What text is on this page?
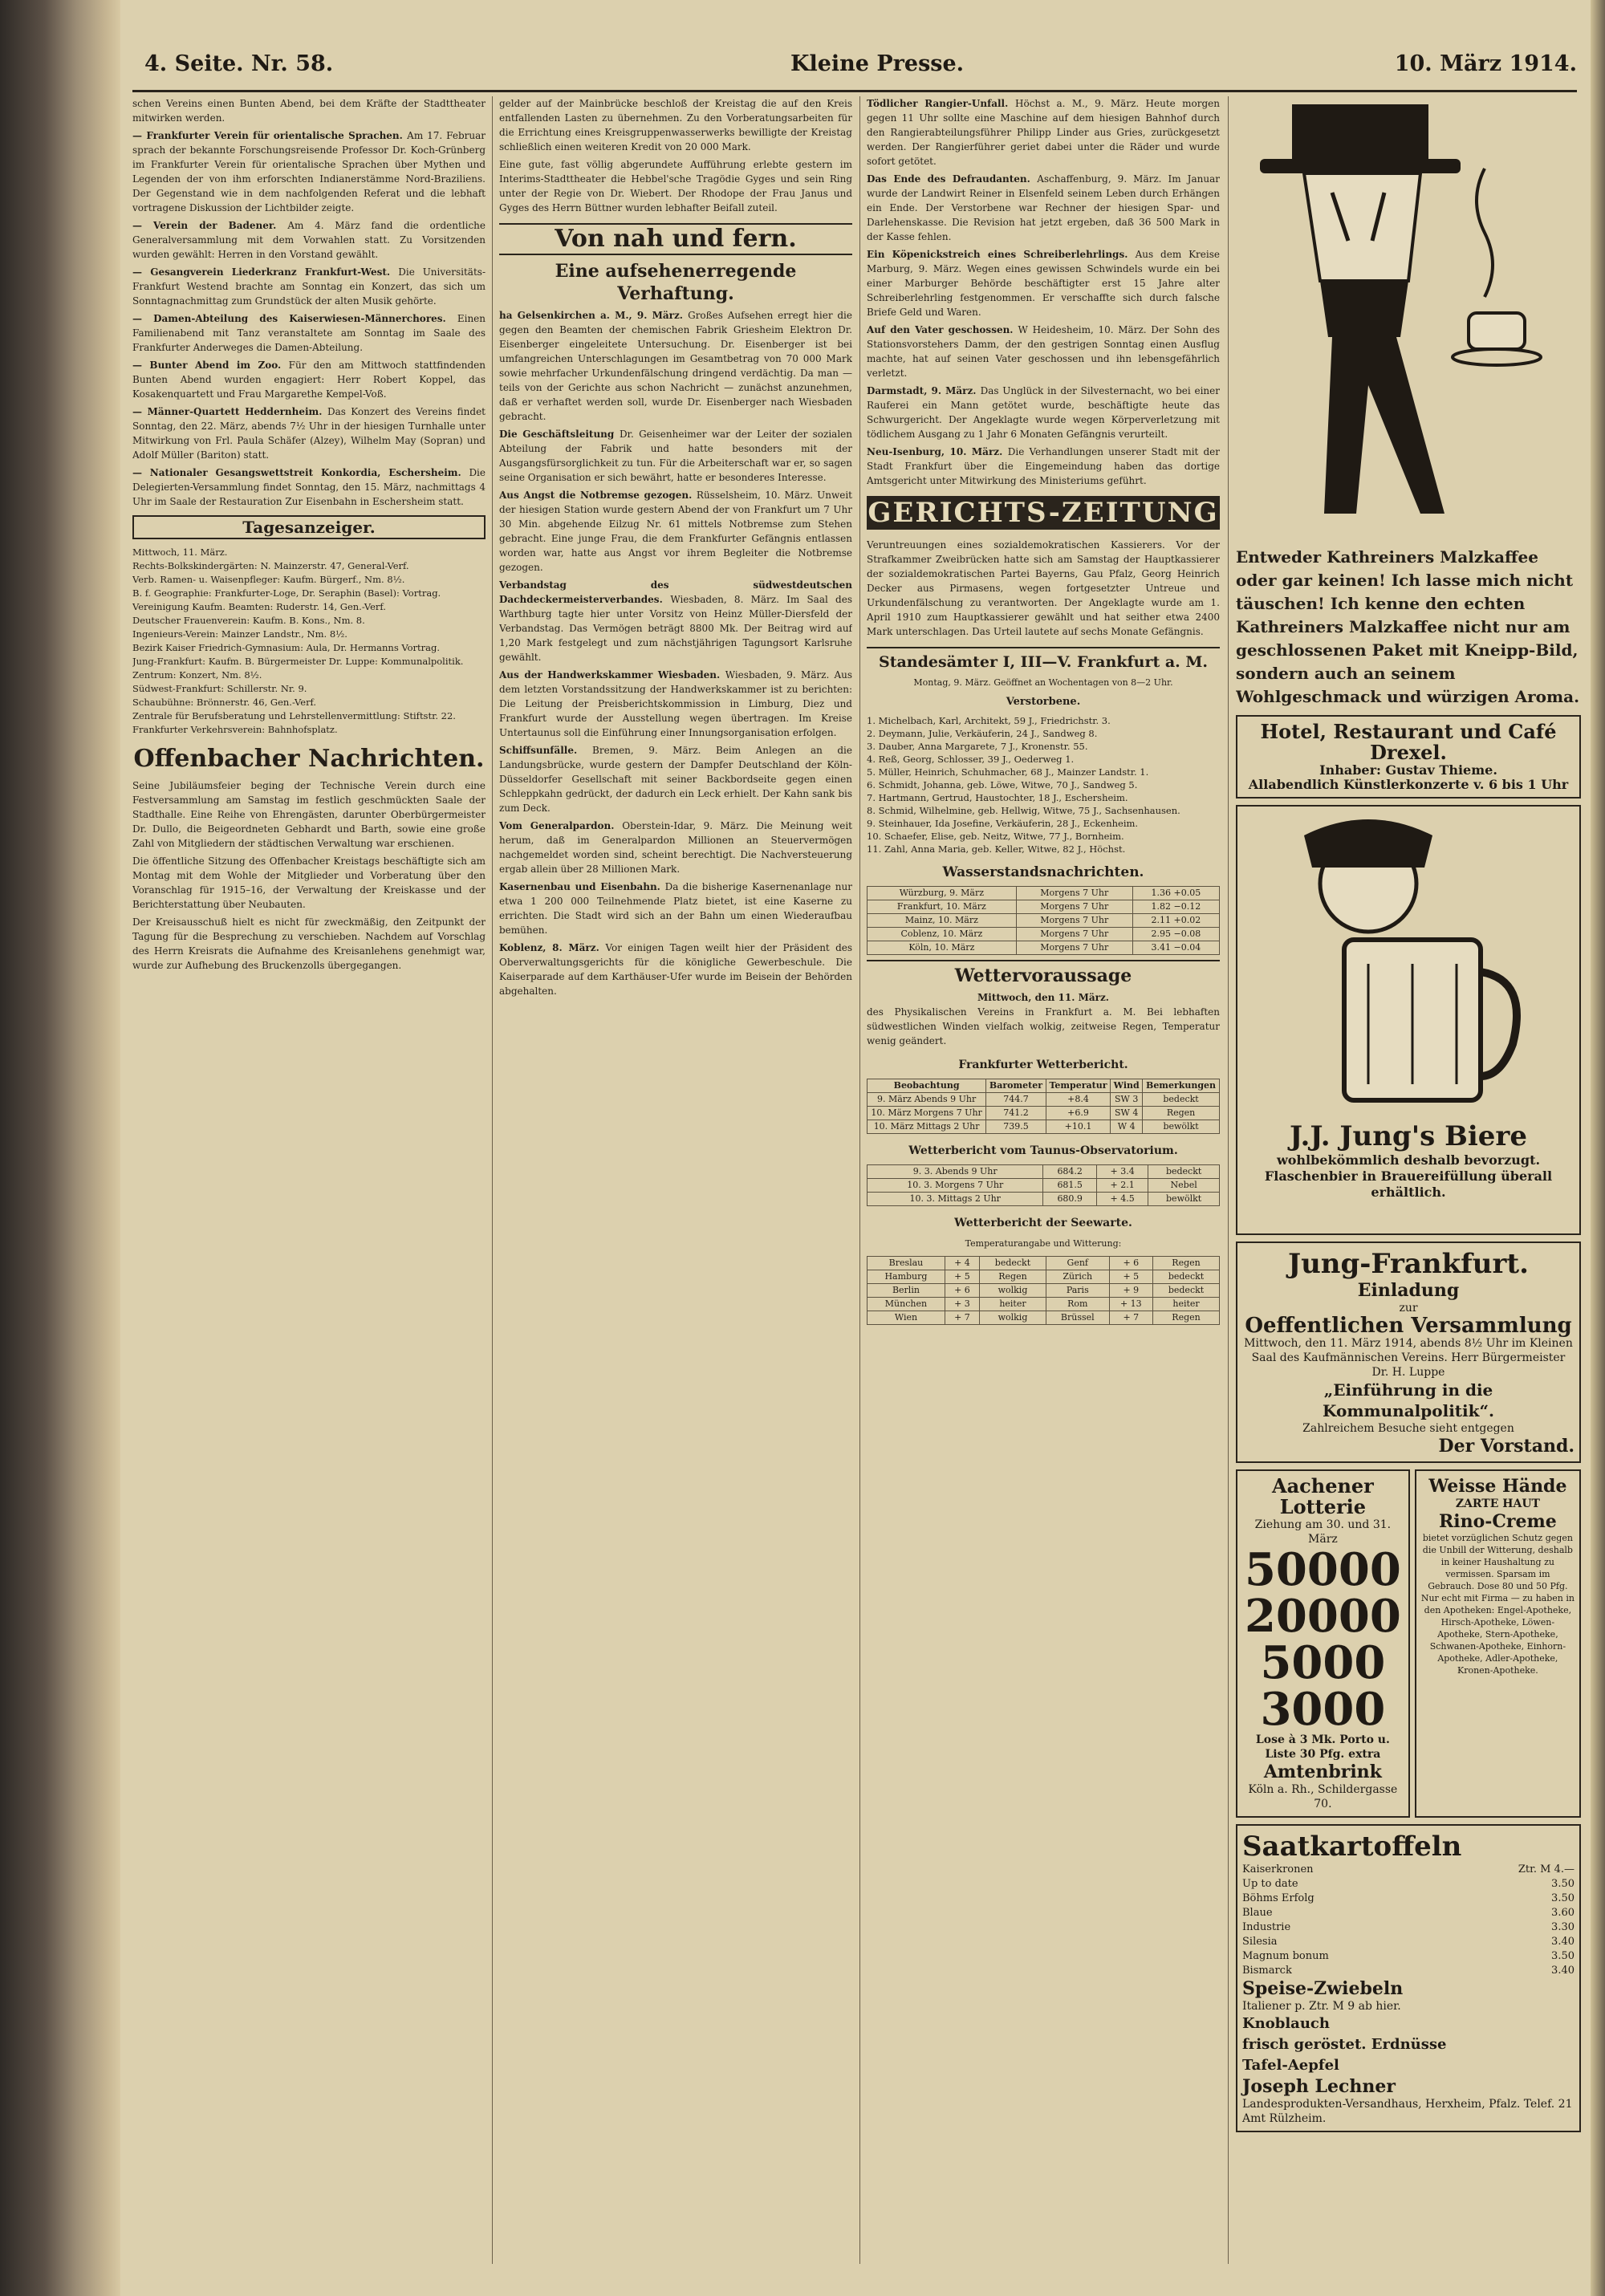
4. Seite. Nr. 58.	Kleine Presse.	10. März 1914.

schen Vereins einen Bunten Abend, bei dem Kräfte der Stadttheater mitwirken werden.

— Frankfurter Verein für orientalische Sprachen. Am 17. Februar sprach der bekannte Forschungsreisende Professor Dr. Koch-Grünberg im Frankfurter Verein für orientalische Sprachen über Mythen und Legenden der von ihm erforschten Indianerstämme Nord-Braziliens. Der Gegenstand wie in dem nachfolgenden Referat und die lebhaft vortragene Diskussion der Lichtbilder zeigte.

— Verein der Badener. Am 4. März fand die ordentliche Generalversammlung mit dem Vorwahlen statt. Zu Vorsitzenden wurden gewählt: Herren in den Vorstand gewählt.

— Gesangverein Liederkranz Frankfurt-West. Die Universitäts-Frankfurt Westend brachte am Sonntag ein Konzert, das sich um Sonntagnachmittag zum Grundstück der alten Musik gehörte.

— Damen-Abteilung des Kaiserwiesen-Männerchores. Einen Familienabend mit Tanz veranstaltete am Sonntag im Saale des Frankfurter Anderweges die Damen-Abteilung.

— Bunter Abend im Zoo. Für den am Mittwoch stattfindenden Bunten Abend wurden engagiert: Herr Robert Koppel, das Kosakenquartett und Frau Margarethe Kempel-Voß.

— Männer-Quartett Heddernheim. Das Konzert des Vereins findet Sonntag, den 22. März, abends 7½ Uhr in der hiesigen Turnhalle unter Mitwirkung von Frl. Paula Schäfer (Alzey), Wilhelm May (Sopran) und Adolf Müller (Bariton) statt.

— Nationaler Gesangswettstreit Konkordia, Eschersheim. Die Delegierten-Versammlung findet Sonntag, den 15. März, nachmittags 4 Uhr im Saale der Restauration Zur Eisenbahn in Eschersheim statt.

Tagesanzeiger.
Mittwoch, 11. März.
Rechts-Bolkskindergärten: N. Mainzerstr. 47, General-Verf.
Verb. Ramen- u. Waisenpfleger: Kaufm. Bürgerf., Nm. 8½.
B. f. Geographie: Frankfurter-Loge, Dr. Seraphin (Basel): Vortrag.
Vereinigung Kaufm. Beamten: Ruderstr. 14, Gen.-Verf.
Deutscher Frauenverein: Kaufm. B. Kons., Nm. 8.
Ingenieurs-Verein: Mainzer Landstr., Nm. 8½.
Bezirk Kaiser Friedrich-Gymnasium: Aula, Dr. Hermanns Vortrag.
Jung-Frankfurt: Kaufm. B. Bürgermeister Dr. Luppe: Kommunalpolitik.
Zentrum: Konzert, Nm. 8½.
Südwest-Frankfurt: Schillerstr. Nr. 9.
Schaubühne: Brönnerstr. 46, Gen.-Verf.
Zentrale für Berufsberatung und Lehrstellenvermittlung: Stiftstr. 22.
Frankfurter Verkehrsverein: Bahnhofsplatz.
Offenbacher Nachrichten.

Seine Jubiläumsfeier beging der Technische Verein durch eine Festversammlung am Samstag im festlich geschmückten Saale der Stadthalle. Eine Reihe von Ehrengästen, darunter Oberbürgermeister Dr. Dullo, die Beigeordneten Gebhardt und Barth, sowie eine große Zahl von Mitgliedern der städtischen Verwaltung war erschienen.

Die öffentliche Sitzung des Offenbacher Kreistags beschäftigte sich am Montag mit dem Wohle der Mitglieder und Vorberatung über den Voranschlag für 1915–16, der Verwaltung der Kreiskasse und der Berichterstattung über Neubauten.

Der Kreisausschuß hielt es nicht für zweckmäßig, den Zeitpunkt der Tagung für die Besprechung zu verschieben. Nachdem auf Vorschlag des Herrn Kreisrats die Aufnahme des Kreisanlehens genehmigt war, wurde zur Aufhebung des Bruckenzolls übergegangen.

gelder auf der Mainbrücke beschloß der Kreistag die auf den Kreis entfallenden Lasten zu übernehmen. Zu den Vorberatungsarbeiten für die Errichtung eines Kreisgruppenwasserwerks bewilligte der Kreistag schließlich einen weiteren Kredit von 20 000 Mark.

Eine gute, fast völlig abgerundete Aufführung erlebte gestern im Interims-Stadttheater die Hebbel'sche Tragödie Gyges und sein Ring unter der Regie von Dr. Wiebert. Der Rhodope der Frau Janus und Gyges des Herrn Büttner wurden lebhafter Beifall zuteil.

Von nah und fern.
Eine aufsehenerregende Verhaftung.

ha Gelsenkirchen a. M., 9. März. Großes Aufsehen erregt hier die gegen den Beamten der chemischen Fabrik Griesheim Elektron Dr. Eisenberger eingeleitete Untersuchung. Dr. Eisenberger ist bei umfangreichen Unterschlagungen im Gesamtbetrag von 70 000 Mark sowie mehrfacher Urkundenfälschung dringend verdächtig. Da man — teils von der Gerichte aus schon Nachricht — zunächst anzunehmen, daß er verhaftet werden soll, wurde Dr. Eisenberger nach Wiesbaden gebracht.

Die Geschäftsleitung Dr. Geisenheimer war der Leiter der sozialen Abteilung der Fabrik und hatte besonders mit der Ausgangsfürsorglichkeit zu tun. Für die Arbeiterschaft war er, so sagen seine Organisation er sich bewährt, hatte er besonderes Interesse.

Aus Angst die Notbremse gezogen. Rüsselsheim, 10. März. Unweit der hiesigen Station wurde gestern Abend der von Frankfurt um 7 Uhr 30 Min. abgehende Eilzug Nr. 61 mittels Notbremse zum Stehen gebracht. Eine junge Frau, die dem Frankfurter Gefängnis entlassen worden war, hatte aus Angst vor ihrem Begleiter die Notbremse gezogen.

Verbandstag des südwestdeutschen Dachdeckermeisterverbandes. Wiesbaden, 8. März. Im Saal des Warthburg tagte hier unter Vorsitz von Heinz Müller-Diersfeld der Verbandstag. Das Vermögen beträgt 8800 Mk. Der Beitrag wird auf 1,20 Mark festgelegt und zum nächstjährigen Tagungsort Karlsruhe gewählt.

Aus der Handwerkskammer Wiesbaden. Wiesbaden, 9. März. Aus dem letzten Vorstandssitzung der Handwerkskammer ist zu berichten: Die Leitung der Preisberichtskommission in Limburg, Diez und Frankfurt wurde der Ausstellung wegen übertragen. Im Kreise Untertaunus soll die Einführung einer Innungsorganisation erfolgen.

Schiffsunfälle. Bremen, 9. März. Beim Anlegen an die Landungsbrücke, wurde gestern der Dampfer Deutschland der Köln-Düsseldorfer Gesellschaft mit seiner Backbordseite gegen einen Schleppkahn gedrückt, der dadurch ein Leck erhielt. Der Kahn sank bis zum Deck.

Vom Generalpardon. Oberstein-Idar, 9. März. Die Meinung weit herum, daß im Generalpardon Millionen an Steuervermögen nachgemeldet worden sind, scheint berechtigt. Die Nachversteuerung ergab allein über 28 Millionen Mark.

Kasernenbau und Eisenbahn. Da die bisherige Kasernenanlage nur etwa 1 200 000 Teilnehmende Platz bietet, ist eine Kaserne zu errichten. Die Stadt wird sich an der Bahn um einen Wiederaufbau bemühen.

Koblenz, 8. März. Vor einigen Tagen weilt hier der Präsident des Oberverwaltungsgerichts für die königliche Gewerbeschule. Die Kaiserparade auf dem Karthäuser-Ufer wurde im Beisein der Behörden abgehalten.

Tödlicher Rangier-Unfall. Höchst a. M., 9. März. Heute morgen gegen 11 Uhr sollte eine Maschine auf dem hiesigen Bahnhof durch den Rangierabteilungsführer Philipp Linder aus Gries, zurückgesetzt werden. Der Rangierführer geriet dabei unter die Räder und wurde sofort getötet.

Das Ende des Defraudanten. Aschaffenburg, 9. März. Im Januar wurde der Landwirt Reiner in Elsenfeld seinem Leben durch Erhängen ein Ende. Der Verstorbene war Rechner der hiesigen Spar- und Darlehenskasse. Die Revision hat jetzt ergeben, daß 36 500 Mark in der Kasse fehlen.

Ein Köpenickstreich eines Schreiberlehrlings. Aus dem Kreise Marburg, 9. März. Wegen eines gewissen Schwindels wurde ein bei einer Marburger Behörde beschäftigter erst 15 Jahre alter Schreiberlehrling festgenommen. Er verschaffte sich durch falsche Briefe Geld und Waren.

Auf den Vater geschossen. W Heidesheim, 10. März. Der Sohn des Stationsvorstehers Damm, der den gestrigen Sonntag einen Ausflug machte, hat auf seinen Vater geschossen und ihn lebensgefährlich verletzt.

Darmstadt, 9. März. Das Unglück in der Silvesternacht, wo bei einer Rauferei ein Mann getötet wurde, beschäftigte heute das Schwurgericht. Der Angeklagte wurde wegen Körperverletzung mit tödlichem Ausgang zu 1 Jahr 6 Monaten Gefängnis verurteilt.

Neu-Isenburg, 10. März. Die Verhandlungen unserer Stadt mit der Stadt Frankfurt über die Eingemeindung haben das dortige Amtsgericht unter Mitwirkung des Ministeriums geführt.

GERICHTS-ZEITUNG

Veruntreuungen eines sozialdemokratischen Kassierers. Vor der Strafkammer Zweibrücken hatte sich am Samstag der Hauptkassierer der sozialdemokratischen Partei Bayerns, Gau Pfalz, Georg Heinrich Decker aus Pirmasens, wegen fortgesetzter Untreue und Urkundenfälschung zu verantworten. Der Angeklagte wurde am 1. April 1910 zum Hauptkassierer gewählt und hat seither etwa 2400 Mark unterschlagen. Das Urteil lautete auf sechs Monate Gefängnis.

Standesämter I, III—V. Frankfurt a. M.
Montag, 9. März. Geöffnet an Wochentagen von 8—2 Uhr.
Verstorbene.
1. Michelbach, Karl, Architekt, 59 J., Friedrichstr. 3.
2. Deymann, Julie, Verkäuferin, 24 J., Sandweg 8.
3. Dauber, Anna Margarete, 7 J., Kronenstr. 55.
4. Reß, Georg, Schlosser, 39 J., Oederweg 1.
5. Müller, Heinrich, Schuhmacher, 68 J., Mainzer Landstr. 1.
6. Schmidt, Johanna, geb. Löwe, Witwe, 70 J., Sandweg 5.
7. Hartmann, Gertrud, Haustochter, 18 J., Eschersheim.
8. Schmid, Wilhelmine, geb. Hellwig, Witwe, 75 J., Sachsenhausen.
9. Steinhauer, Ida Josefine, Verkäuferin, 28 J., Eckenheim.
10. Schaefer, Elise, geb. Neitz, Witwe, 77 J., Bornheim.
11. Zahl, Anna Maria, geb. Keller, Witwe, 82 J., Höchst.
Wasserstandsnachrichten.
Würzburg, 9. März	Morgens 7 Uhr	1.36 +0.05
Frankfurt, 10. März	Morgens 7 Uhr	1.82 −0.12
Mainz, 10. März	Morgens 7 Uhr	2.11 +0.02
Coblenz, 10. März	Morgens 7 Uhr	2.95 −0.08
Köln, 10. März	Morgens 7 Uhr	3.41 −0.04
Wettervoraussage
Mittwoch, den 11. März.

des Physikalischen Vereins in Frankfurt a. M. Bei lebhaften südwestlichen Winden vielfach wolkig, zeitweise Regen, Temperatur wenig geändert.

Frankfurter Wetterbericht.
Beobachtung	Barometer	Temperatur	Wind	Bemerkungen
9. März Abends 9 Uhr	744.7	+8.4	SW 3	bedeckt
10. März Morgens 7 Uhr	741.2	+6.9	SW 4	Regen
10. März Mittags 2 Uhr	739.5	+10.1	W 4	bewölkt
Wetterbericht vom Taunus-Observatorium.
9. 3. Abends 9 Uhr	684.2	+ 3.4	bedeckt
10. 3. Morgens 7 Uhr	681.5	+ 2.1	Nebel
10. 3. Mittags 2 Uhr	680.9	+ 4.5	bewölkt
Wetterbericht der Seewarte.
Temperaturangabe und Witterung:
Breslau	+ 4	bedeckt	Genf	+ 6	Regen
Hamburg	+ 5	Regen	Zürich	+ 5	bedeckt
Berlin	+ 6	wolkig	Paris	+ 9	bedeckt
München	+ 3	heiter	Rom	+ 13	heiter
Wien	+ 7	wolkig	Brüssel	+ 7	Regen
Entweder Kathreiners Malzkaffee oder gar keinen! Ich lasse mich nicht täuschen! Ich kenne den echten Kathreiners Malzkaffee nicht nur am geschlossenen Paket mit Kneipp-Bild, sondern auch an seinem Wohlgeschmack und würzigen Aroma.
Hotel, Restaurant und Café Drexel.
Inhaber: Gustav Thieme.
Allabendlich Künstlerkonzerte v. 6 bis 1 Uhr
J.J. Jung's Biere
wohlbekömmlich deshalb bevorzugt. Flaschenbier in Brauereifüllung überall erhältlich.
Jung-Frankfurt.
Einladung
zur
Oeffentlichen Versammlung
Mittwoch, den 11. März 1914, abends 8½ Uhr im Kleinen Saal des Kaufmännischen Vereins. Herr Bürgermeister Dr. H. Luppe
„Einführung in die Kommunalpolitik“.
Zahlreichem Besuche sieht entgegen
Der Vorstand.
Aachener Lotterie
Ziehung am 30. und 31. März
50000
20000
5000
3000
Lose à 3 Mk. Porto u. Liste 30 Pfg. extra
Amtenbrink
Köln a. Rh., Schildergasse 70.
Weisse Hände
ZARTE HAUT
Rino-Creme
bietet vorzüglichen Schutz gegen die Unbill der Witterung, deshalb in keiner Haushaltung zu vermissen. Sparsam im Gebrauch. Dose 80 und 50 Pfg.
Nur echt mit Firma — zu haben in den Apotheken: Engel-Apotheke, Hirsch-Apotheke, Löwen-Apotheke, Stern-Apotheke, Schwanen-Apotheke, Einhorn-Apotheke, Adler-Apotheke, Kronen-Apotheke.
Saatkartoffeln
Kaiserkronen	Ztr. M 4.—
Up to date	3.50
Böhms Erfolg	3.50
Blaue	3.60
Industrie	3.30
Silesia	3.40
Magnum bonum	3.50
Bismarck	3.40
Speise-Zwiebeln
Italiener p. Ztr. M 9 ab hier.
Knoblauch
frisch geröstet. Erdnüsse
Tafel-Aepfel
Joseph Lechner
Landesprodukten-Versandhaus, Herxheim, Pfalz. Telef. 21 Amt Rülzheim.
